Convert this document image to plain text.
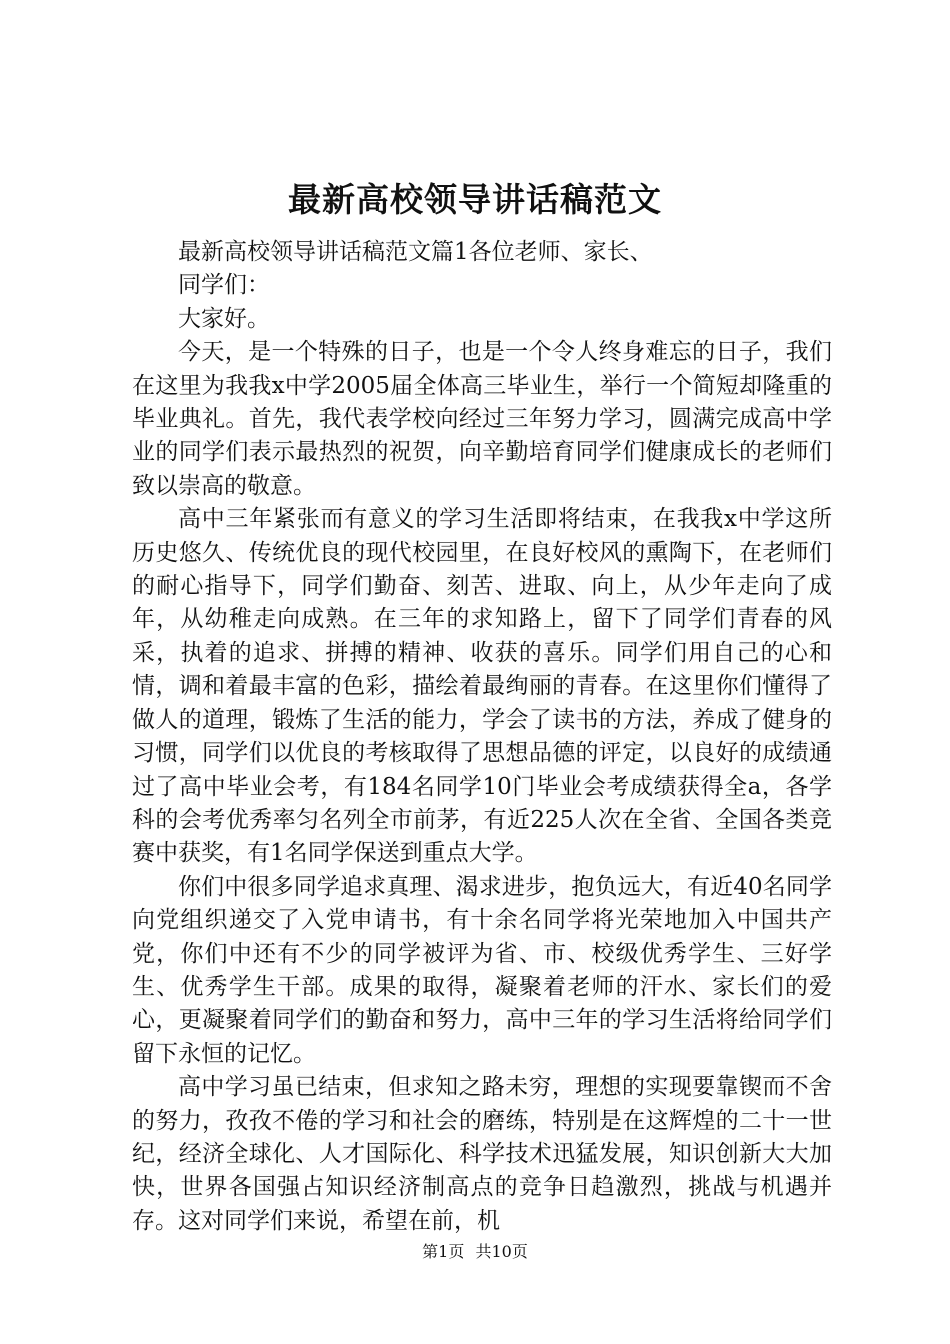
最新高校领导讲话稿范文

最新高校领导讲话稿范文篇1各位老师、家长、

同学们：

大家好。

今天，是一个特殊的日子，也是一个令人终身难忘的日子，我们在这里为我我x中学2005届全体高三毕业生，举行一个简短却隆重的毕业典礼。首先，我代表学校向经过三年努力学习，圆满完成高中学业的同学们表示最热烈的祝贺，向辛勤培育同学们健康成长的老师们致以崇高的敬意。

高中三年紧张而有意义的学习生活即将结束，在我我x中学这所历史悠久、传统优良的现代校园里，在良好校风的熏陶下，在老师们的耐心指导下，同学们勤奋、刻苦、进取、向上，从少年走向了成年，从幼稚走向成熟。在三年的求知路上，留下了同学们青春的风采，执着的追求、拼搏的精神、收获的喜乐。同学们用自己的心和情，调和着最丰富的色彩，描绘着最绚丽的青春。在这里你们懂得了做人的道理，锻炼了生活的能力，学会了读书的方法，养成了健身的习惯，同学们以优良的考核取得了思想品德的评定，以良好的成绩通过了高中毕业会考，有184名同学10门毕业会考成绩获得全a，各学科的会考优秀率匀名列全市前茅，有近225人次在全省、全国各类竞赛中获奖，有1名同学保送到重点大学。

你们中很多同学追求真理、渴求进步，抱负远大，有近40名同学向党组织递交了入党申请书，有十余名同学将光荣地加入中国共产党，你们中还有不少的同学被评为省、市、校级优秀学生、三好学生、优秀学生干部。成果的取得，凝聚着老师的汗水、家长们的爱心，更凝聚着同学们的勤奋和努力，高中三年的学习生活将给同学们留下永恒的记忆。

高中学习虽已结束，但求知之路未穷，理想的实现要靠锲而不舍的努力，孜孜不倦的学习和社会的磨练，特别是在这辉煌的二十一世纪，经济全球化、人才国际化、科学技术迅猛发展，知识创新大大加快，世界各国强占知识经济制高点的竞争日趋激烈，挑战与机遇并存。这对同学们来说，希望在前，机

第1页 共10页
